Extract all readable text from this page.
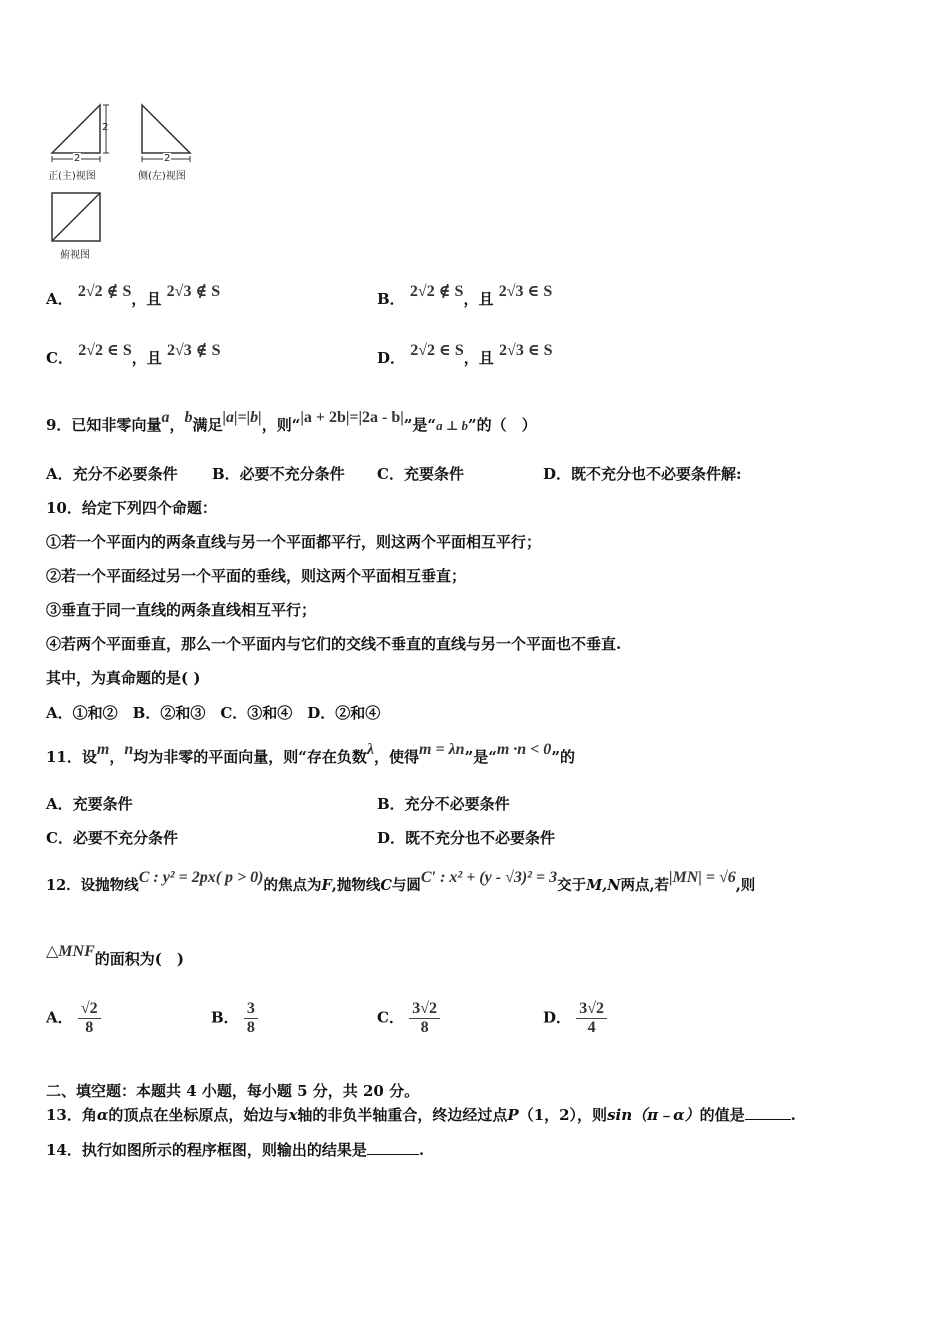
2
2	2
正(主)视图	侧(左)视图
俯视图
A． 2√2 ∉ S，且 2√3 ∉ S	B． 2√2 ∉ S，且 2√3 ∈ S
C． 2√2 ∈ S，且 2√3 ∉ S	D． 2√2 ∈ S，且 2√3 ∈ S
9．已知非零向量a，b满足|a|=|b|，则“|a + 2b|=|2a - b|”是“a ⊥ b”的（　）
A．充分不必要条件 B．必要不充分条件 C．充要条件	D．既不充分也不必要条件解:
10．给定下列四个命题：
①若一个平面内的两条直线与另一个平面都平行，则这两个平面相互平行；
②若一个平面经过另一个平面的垂线，则这两个平面相互垂直；
③垂直于同一直线的两条直线相互平行；
④若两个平面垂直，那么一个平面内与它们的交线不垂直的直线与另一个平面也不垂直.
其中，为真命题的是( )
A．①和②　B．②和③　C．③和④　D．②和④
11．设m，n均为非零的平面向量，则“存在负数λ，使得m = λn”是“m ·n < 0”的
A．充要条件	B．充分不必要条件
C．必要不充分条件	D．既不充分也不必要条件
12．设抛物线C : y² = 2px( p > 0)的焦点为F,抛物线C与圆C′ : x² + (y - √3)² = 3交于M,N两点,若|MN| = √6,则
△MNF的面积为(　)
A． $\frac{√2}{8}$	B． $\frac{3}{8}$	C． $\frac{3√2}{8}$	D． $\frac{3√2}{4}$
二、填空题：本题共 4 小题，每小题 5 分，共 20 分。
13．角α的顶点在坐标原点，始边与x轴的非负半轴重合，终边经过点P（1，2），则sin（π﹣α）的值是	.
14．执行如图所示的程序框图，则输出的结果是	.
